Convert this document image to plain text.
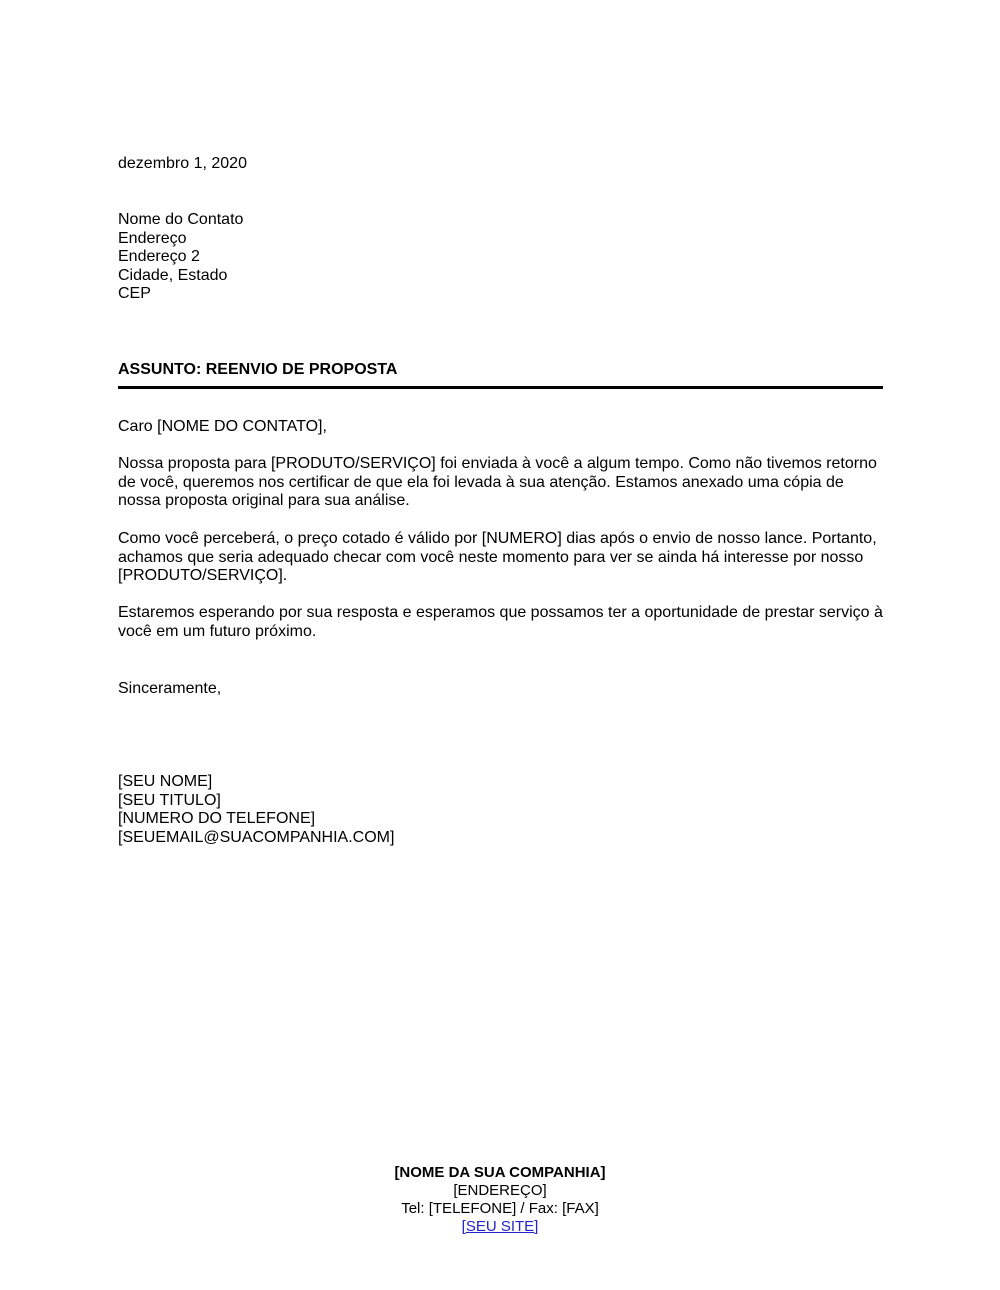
dezembro 1, 2020
Nome do Contato
Endereço
Endereço 2
Cidade, Estado
CEP
ASSUNTO: REENVIO DE PROPOSTA
Caro [NOME DO CONTATO],
Nossa proposta para [PRODUTO/SERVIÇO] foi enviada à você a algum tempo. Como não tivemos retorno de você, queremos nos certificar de que ela foi levada à sua atenção. Estamos anexado uma cópia de nossa proposta original para sua análise.
Como você perceberá, o preço cotado é válido por [NUMERO] dias após o envio de nosso lance. Portanto, achamos que seria adequado checar com você neste momento para ver se ainda há interesse por nosso [PRODUTO/SERVIÇO].
Estaremos esperando por sua resposta e esperamos que possamos ter a oportunidade de prestar serviço à você em um futuro próximo.
Sinceramente,
[SEU NOME]
[SEU TITULO]
[NUMERO DO TELEFONE]
[SEUEMAIL@SUACOMPANHIA.COM]
[NOME DA SUA COMPANHIA]
[ENDEREÇO]
Tel: [TELEFONE] / Fax: [FAX]
[SEU SITE]
